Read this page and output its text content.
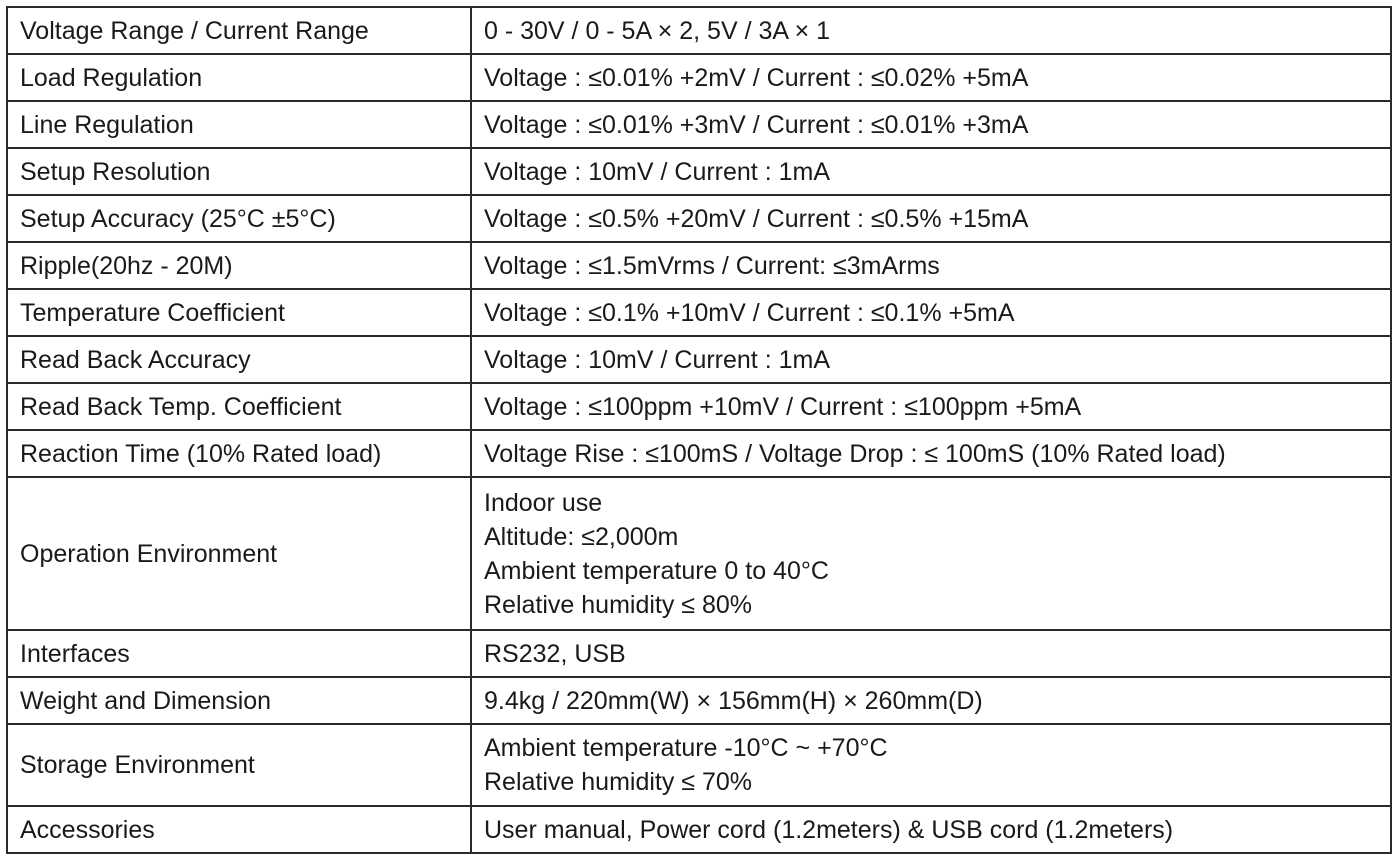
Voltage Range / Current Range	0 - 30V / 0 - 5A × 2, 5V / 3A × 1

Load Regulation	Voltage : ≤0.01% +2mV / Current : ≤0.02% +5mA

Line Regulation	Voltage : ≤0.01% +3mV / Current : ≤0.01% +3mA

Setup Resolution	Voltage : 10mV / Current : 1mA

Setup Accuracy (25°C ±5°C)	Voltage : ≤0.5% +20mV / Current : ≤0.5% +15mA

Ripple(20hz - 20M)	Voltage : ≤1.5mVrms / Current: ≤3mArms

Temperature Coefficient	Voltage : ≤0.1% +10mV / Current : ≤0.1% +5mA

Read Back Accuracy	Voltage : 10mV / Current : 1mA

Read Back Temp. Coefficient	Voltage : ≤100ppm +10mV / Current : ≤100ppm +5mA

Reaction Time (10% Rated load)	Voltage Rise : ≤100mS / Voltage Drop : ≤ 100mS (10% Rated load)

Operation Environment	Indoor use
Altitude: ≤2,000m
Ambient temperature 0 to 40°C
Relative humidity ≤ 80%

Interfaces	RS232, USB

Weight and Dimension	9.4kg / 220mm(W) × 156mm(H) × 260mm(D)

Storage Environment	Ambient temperature -10°C ~ +70°C
Relative humidity ≤ 70%

Accessories	User manual, Power cord (1.2meters) & USB cord (1.2meters)
